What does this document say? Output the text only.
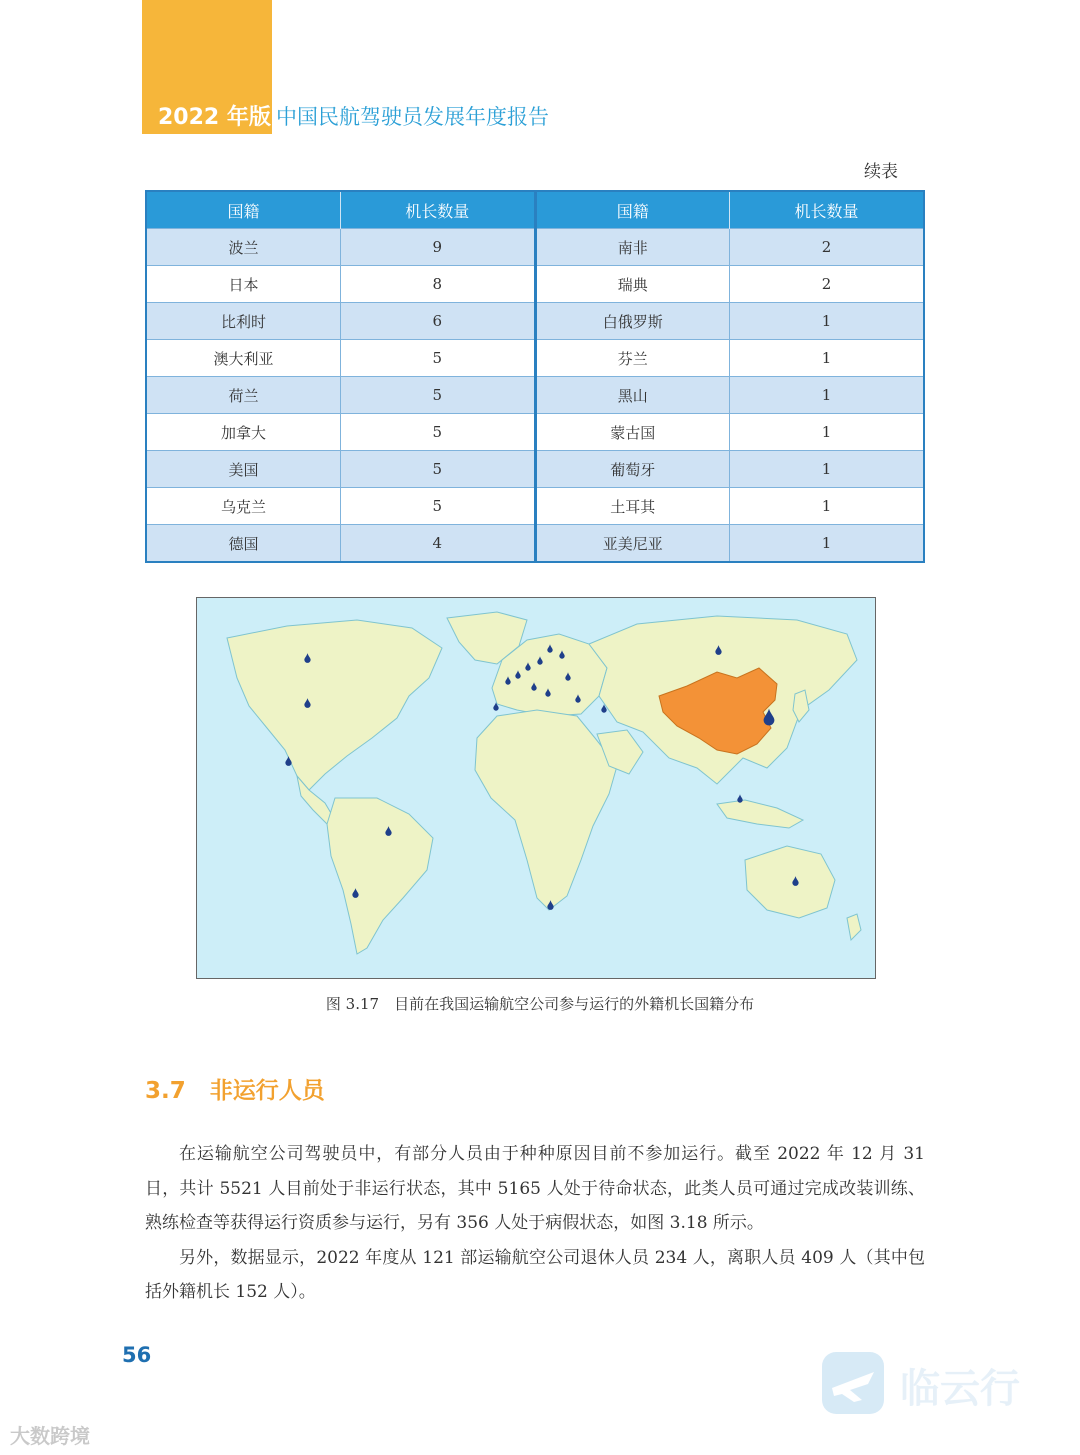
2022 年版 中国民航驾驶员发展年度报告
续表
国籍	机长数量	国籍	机长数量
波兰	9	南非	2
日本	8	瑞典	2
比利时	6	白俄罗斯	1
澳大利亚	5	芬兰	1
荷兰	5	黑山	1
加拿大	5	蒙古国	1
美国	5	葡萄牙	1
乌克兰	5	土耳其	1
德国	4	亚美尼亚	1
图 3.17　目前在我国运输航空公司参与运行的外籍机长国籍分布
3.7 非运行人员

在运输航空公司驾驶员中，有部分人员由于种种原因目前不参加运行。截至 2022 年 12 月 31 日，共计 5521 人目前处于非运行状态，其中 5165 人处于待命状态，此类人员可通过完成改装训练、熟练检查等获得运行资质参与运行，另有 356 人处于病假状态，如图 3.18 所示。

另外，数据显示，2022 年度从 121 部运输航空公司退休人员 234 人，离职人员 409 人（其中包括外籍机长 152 人）。

56
大数跨境
临云行
